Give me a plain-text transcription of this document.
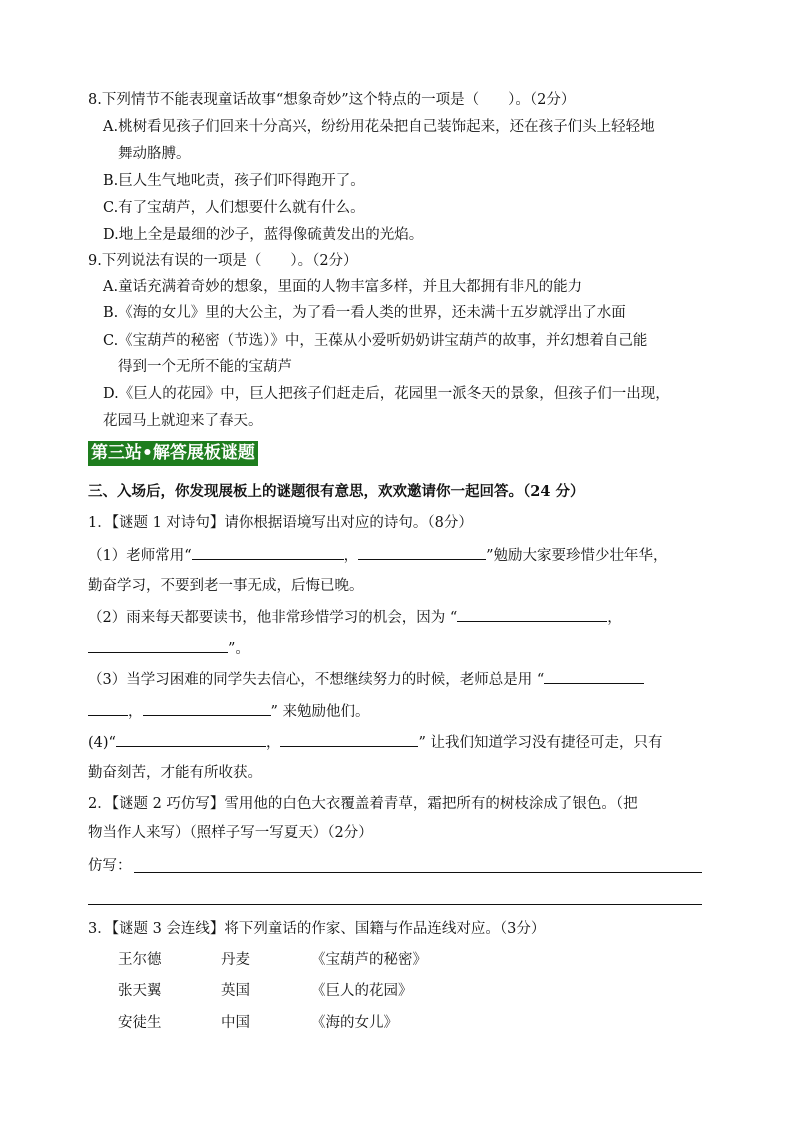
8.下列情节不能表现童话故事“想象奇妙”这个特点的一项是（　　）。（2分）
A.桃树看见孩子们回来十分高兴，纷纷用花朵把自己装饰起来，还在孩子们头上轻轻地
舞动胳膊。
B.巨人生气地叱责，孩子们吓得跑开了。
C.有了宝葫芦，人们想要什么就有什么。
D.地上全是最细的沙子，蓝得像硫黄发出的光焰。
9.下列说法有误的一项是（　　）。（2分）
A.童话充满着奇妙的想象，里面的人物丰富多样，并且大都拥有非凡的能力
B.《海的女儿》里的大公主，为了看一看人类的世界，还未满十五岁就浮出了水面
C.《宝葫芦的秘密（节选）》中，王葆从小爱听奶奶讲宝葫芦的故事，并幻想着自己能
得到一个无所不能的宝葫芦
D.《巨人的花园》中，巨人把孩子们赶走后，花园里一派冬天的景象，但孩子们一出现，
花园马上就迎来了春天。
第三站•解答展板谜题
三、入场后，你发现展板上的谜题很有意思，欢欢邀请你一起回答。（24 分）
1．【谜题 1 对诗句】请你根据语境写出对应的诗句。（8分）
（1）老师常用“	，	”勉励大家要珍惜少壮年华，
勤奋学习，不要到老一事无成，后悔已晚。
（2）雨来每天都要读书，他非常珍惜学习的机会，因为 “	，
”。
（3）当学习困难的同学失去信心，不想继续努力的时候，老师总是用 “
，	” 来勉励他们。
(4)“	，	” 让我们知道学习没有捷径可走，只有
勤奋刻苦，才能有所收获。
2．【谜题 2 巧仿写】雪用他的白色大衣覆盖着青草，霜把所有的树枝涂成了银色。（把
物当作人来写）（照样子写一写夏天）（2分）
仿写：
3．【谜题 3 会连线】将下列童话的作家、国籍与作品连线对应。（3分）
王尔德	丹麦	《宝葫芦的秘密》
张天翼	英国	《巨人的花园》
安徒生	中国	《海的女儿》
